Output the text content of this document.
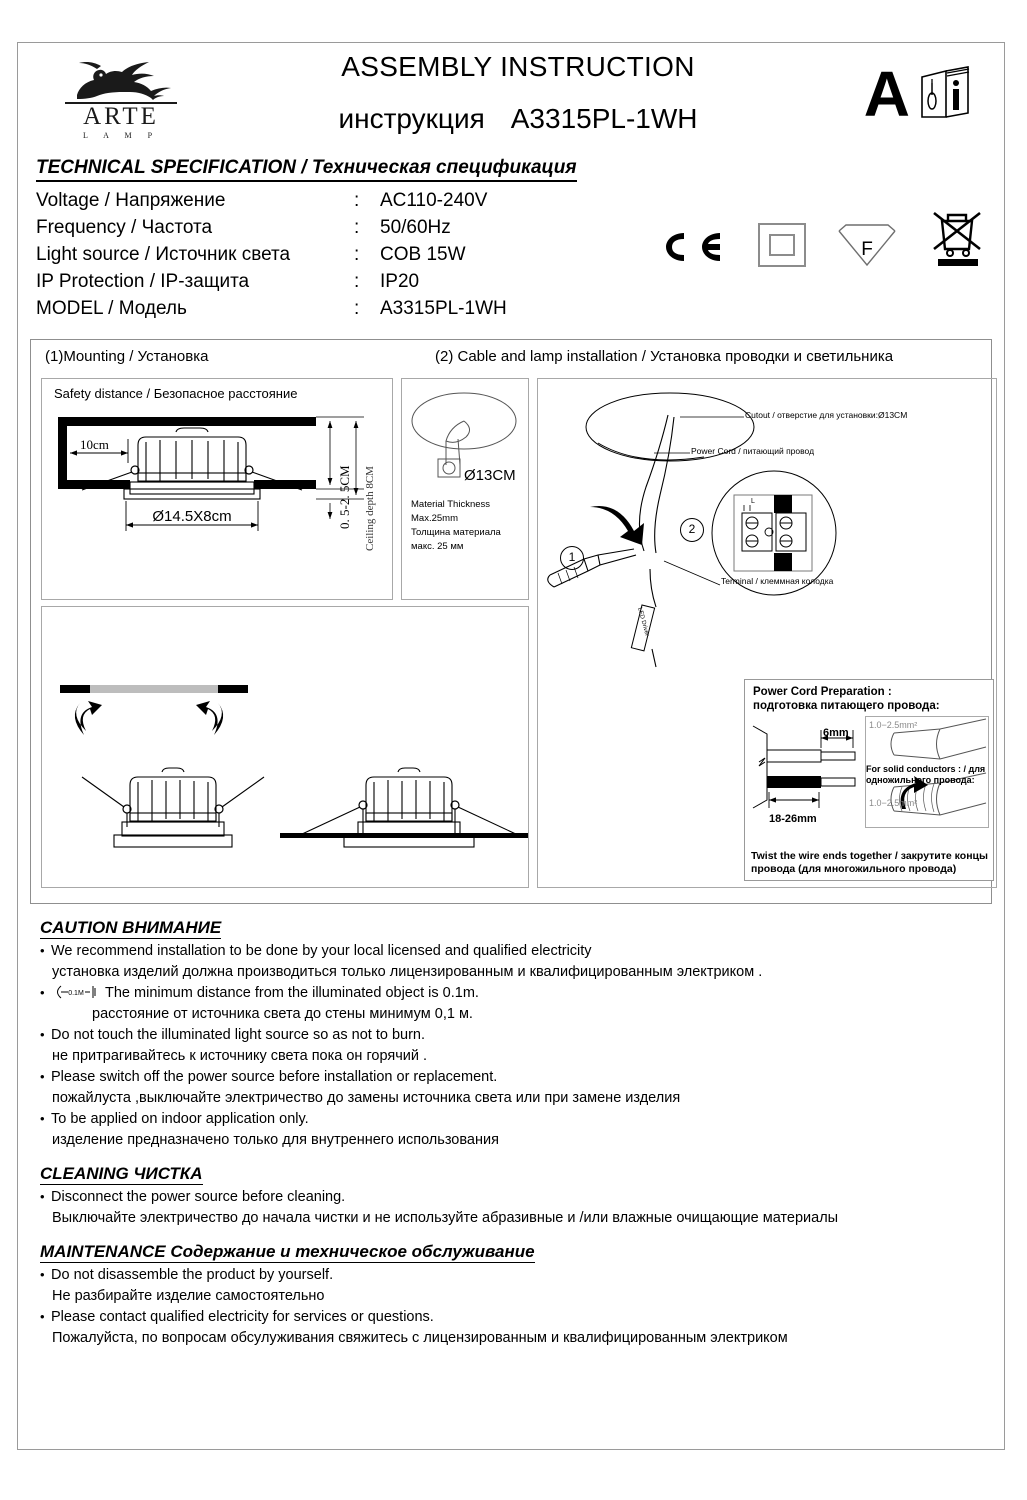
ARTE
L A M P
ASSEMBLY INSTRUCTION
инструкция A3315PL-1WH	A
TECHNICAL SPECIFICATION / Техническая спецификация
Voltage / Напряжение	:	AC110-240V
Frequency / Частота	:	50/60Hz
Light source / Источник света	:	COB 15W
IP Protection / IP-защита	:	IP20
MODEL / Модель	:	A3315PL-1WH
F
(1)Mounting / Установка	(2) Cable and lamp installation / Установка проводки и светильника
Safety distance / Безопасное расстояние
10cm
Ø14.5X8cm	0. 5-2. 5CM Ceiling depth 8CM	Ø13CM
Material Thickness
Max.25mm
Толщина материала
макс. 25 мм
Cutout / отверстие для установки:Ø13CM
Power Cord / питающий провод
Terminal / клеммная колодка
L	N
1
2
LED Driver
Power Cord Preparation :
подготовка питающего провода:
6mm
18-26mm
1.0−2.5mm²
1.0−2.5mm²
For solid conductors : / для одножильного провода:
Twist the wire ends together / закрутите концы
провода (для многожильного провода)
CAUTION ВНИМАНИЕ
• We recommend installation to be done by your local licensed and qualified electricity
установка изделий должна производиться только лицензированным и квалифицированным электриком .
• 0.1M The minimum distance from the illuminated object is 0.1m.
расстояние от источника света до стены минимум 0,1 м.
• Do not touch the illuminated light source so as not to burn.
не притрагивайтесь к источнику света пока он горячий .
• Please switch off the power source before installation or replacement.
пожайлуста ,выключайте электричество до замены источника света или при замене изделия
• To be applied on indoor application only.
изделение предназначено только для внутреннего использования
CLEANING ЧИСТКА
• Disconnect the power source before cleaning.
Выключайте электричество до начала чистки и не используйте абразивные и /или влажные очищающие материалы
MAINTENANCE Содержание и техническое обслуживание
• Do not disassemble the product by yourself.
Не разбирайте изделие самостоятельно
• Please contact qualified electricity for services or questions.
Пожалуйста, по вопросам обсулуживания свяжитесь с лицензированным и квалифицированным электриком
